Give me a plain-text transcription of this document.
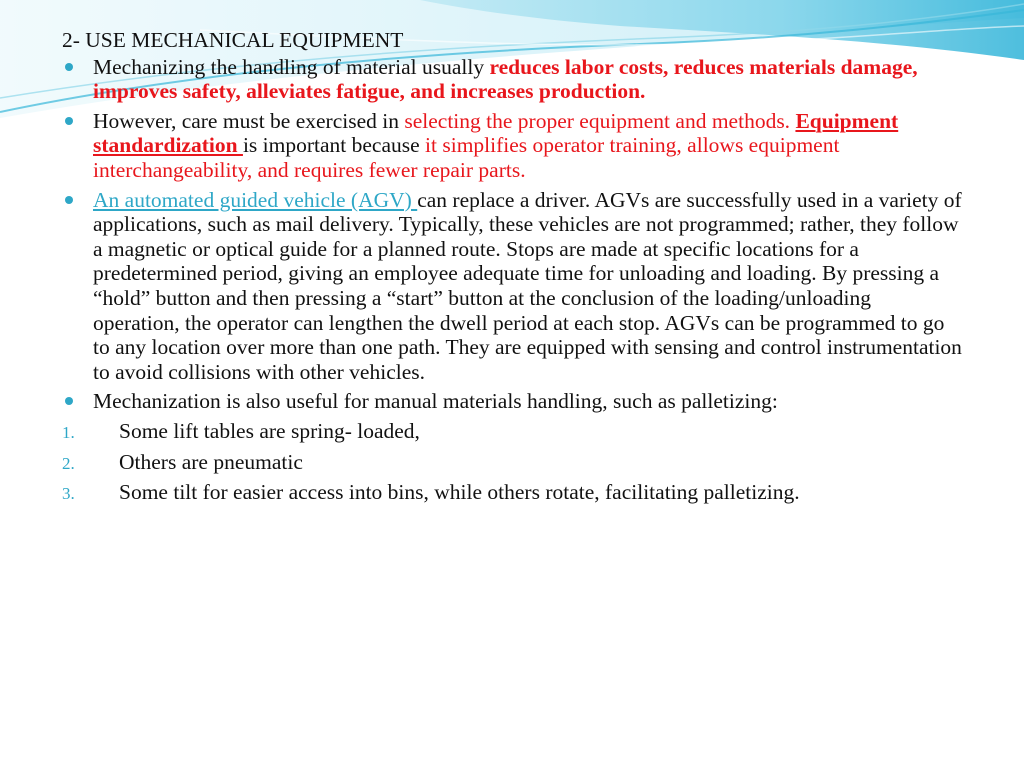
2- USE MECHANICAL EQUIPMENT
Mechanizing the handling of material usually reduces labor costs, reduces materials damage, improves safety, alleviates fatigue, and increases production.
However, care must be exercised in selecting the proper equipment and methods. Equipment standardization is important because it simplifies operator training, allows equipment interchangeability, and requires fewer repair parts.
An automated guided vehicle (AGV) can replace a driver. AGVs are successfully used in a variety of applications, such as mail delivery. Typically, these vehicles are not programmed; rather, they follow a magnetic or optical guide for a planned route. Stops are made at specific locations for a predetermined period, giving an employee adequate time for unloading and loading. By pressing a “hold” button and then pressing a “start” button at the conclusion of the loading/unloading operation, the operator can lengthen the dwell period at each stop. AGVs can be programmed to go to any location over more than one path. They are equipped with sensing and control instrumentation to avoid collisions with other vehicles.
Mechanization is also useful for manual materials handling, such as palletizing:
1. Some lift tables are spring- loaded,
2. Others are pneumatic
3. Some tilt for easier access into bins, while others rotate, facilitating palletizing.
